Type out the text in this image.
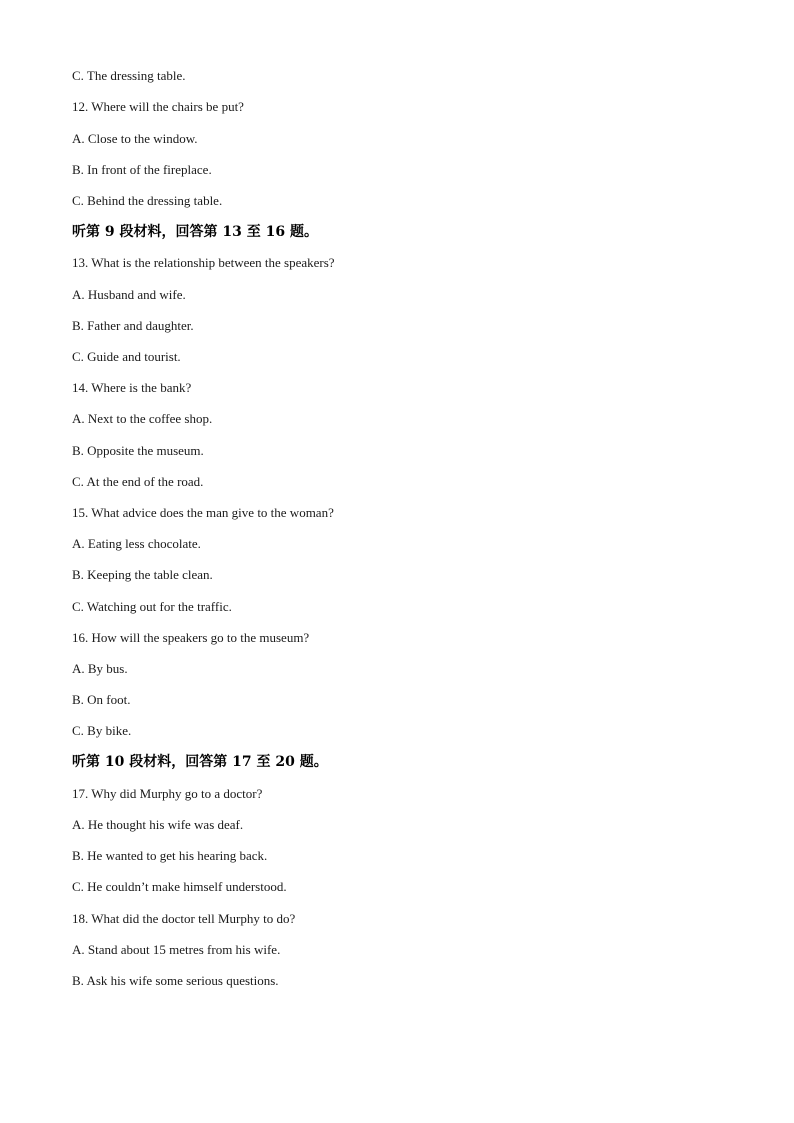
C. The dressing table.
12. Where will the chairs be put?
A. Close to the window.
B. In front of the fireplace.
C. Behind the dressing table.
听第 9 段材料，回答第 13 至 16 题。
13. What is the relationship between the speakers?
A. Husband and wife.
B. Father and daughter.
C. Guide and tourist.
14. Where is the bank?
A. Next to the coffee shop.
B. Opposite the museum.
C. At the end of the road.
15. What advice does the man give to the woman?
A. Eating less chocolate.
B. Keeping the table clean.
C. Watching out for the traffic.
16. How will the speakers go to the museum?
A. By bus.
B. On foot.
C. By bike.
听第 10 段材料，回答第 17 至 20 题。
17. Why did Murphy go to a doctor?
A. He thought his wife was deaf.
B. He wanted to get his hearing back.
C. He couldn’t make himself understood.
18. What did the doctor tell Murphy to do?
A. Stand about 15 metres from his wife.
B. Ask his wife some serious questions.
